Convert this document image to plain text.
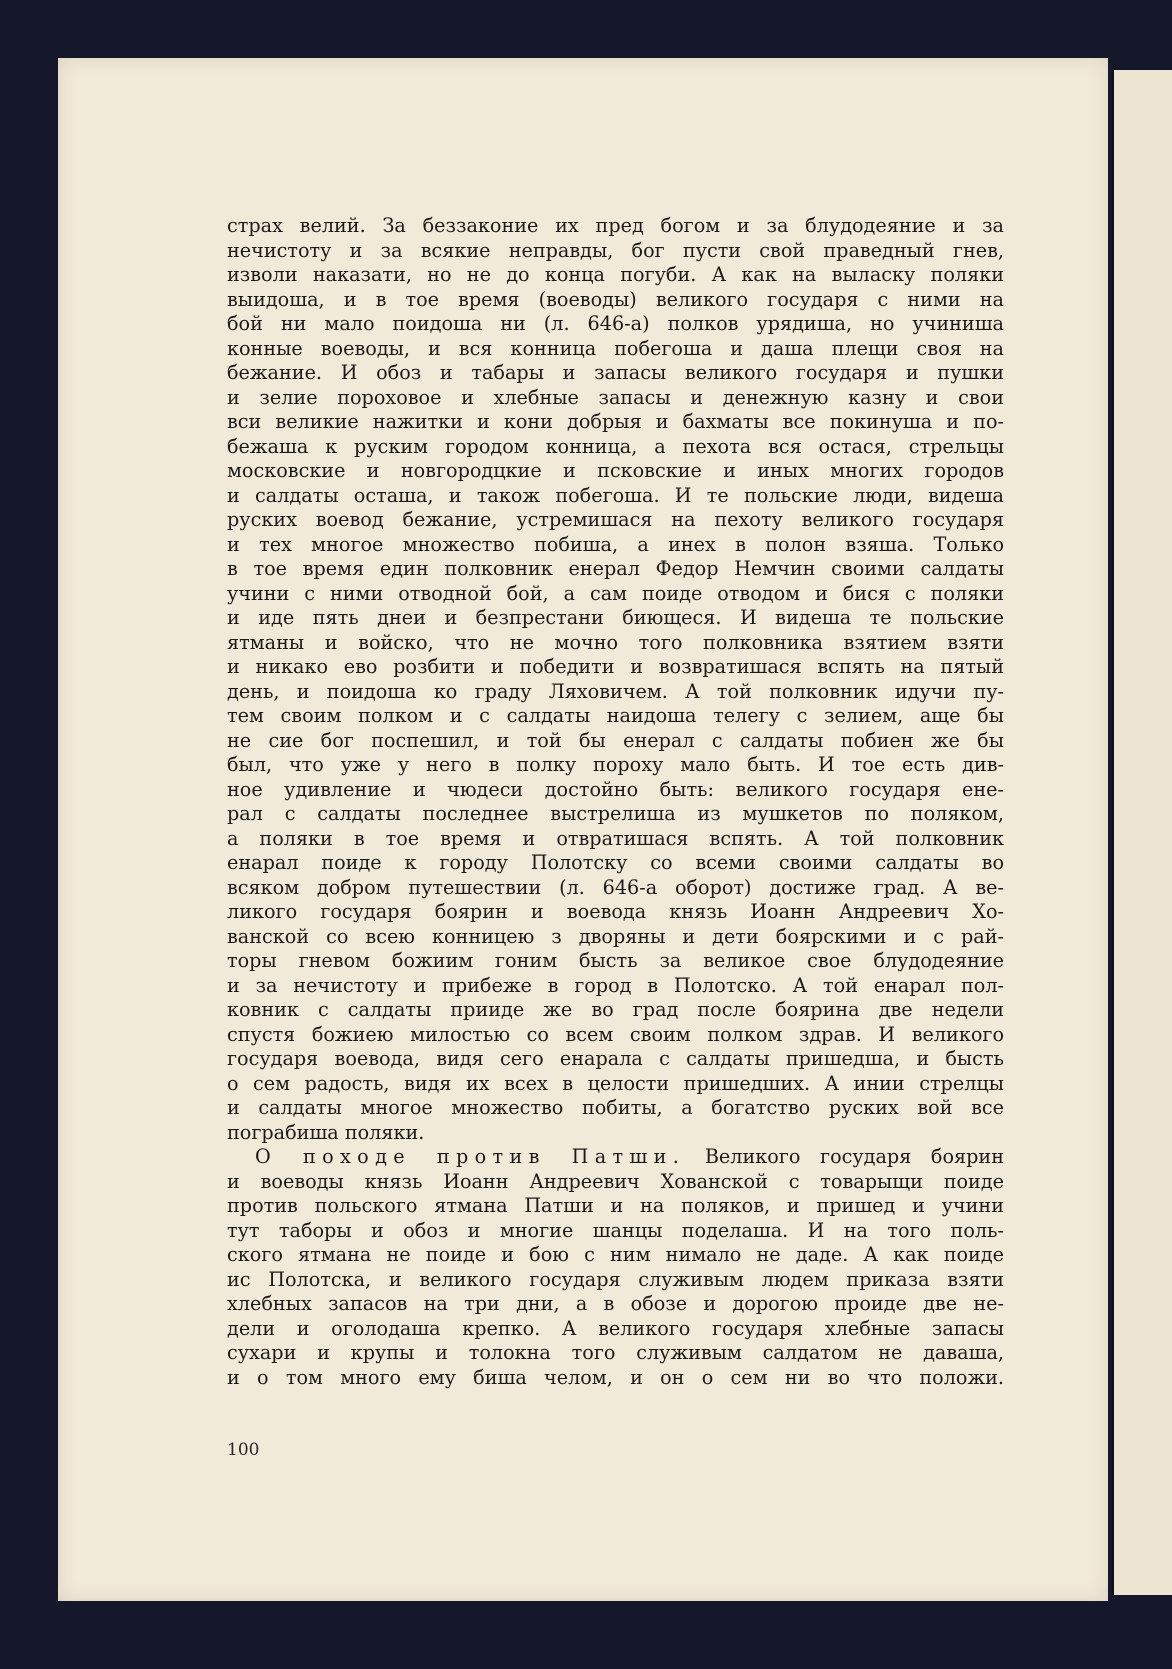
страх велий. За беззаконие их пред богом и за блудодеяние и за
нечистоту и за всякие неправды, бог пусти свой праведный гнев,
изволи наказати, но не до конца погуби. А как на выласку поляки
выидоша, и в тое время (воеводы) великого государя с ними на
бой ни мало поидоша ни (л. 646-а) полков урядиша, но учиниша
конные воеводы, и вся конница побегоша и даша плещи своя на
бежание. И обоз и табары и запасы великого государя и пушки
и зелие пороховое и хлебные запасы и денежную казну и свои
вси великие нажитки и кони добрыя и бахматы все покинуша и по-
бежаша к руским городом конница, а пехота вся остася, стрельцы
московские и новгородцкие и псковские и иных многих городов
и салдаты осташа, и також побегоша. И те польские люди, видеша
руских воевод бежание, устремишася на пехоту великого государя
и тех многое множество побиша, а инех в полон взяша. Только
в тое время един полковник енерал Федор Немчин своими салдаты
учини с ними отводной бой, а сам поиде отводом и бися с поляки
и иде пять днеи и безпрестани биющеся. И видеша те польские
ятманы и войско, что не мочно того полковника взятием взяти
и никако ево розбити и победити и возвратишася вспять на пятый
день, и поидоша ко граду Ляховичем. А той полковник идучи пу-
тем своим полком и с салдаты наидоша телегу с зелием, аще бы
не сие бог поспешил, и той бы енерал с салдаты побиен же бы
был, что уже у него в полку пороху мало быть. И тое есть див-
ное удивление и чюдеси достойно быть: великого государя ене-
рал с салдаты последнее выстрелиша из мушкетов по поляком,
а поляки в тое время и отвратишася вспять. А той полковник
енарал поиде к городу Полотску со всеми своими салдаты во
всяком добром путешествии (л. 646-а оборот) достиже град. А ве-
ликого государя боярин и воевода князь Иоанн Андреевич Хо-
ванской со всею конницею з дворяны и дети боярскими и с рай-
торы гневом божиим гоним бысть за великое свое блудодеяние
и за нечистоту и прибеже в город в Полотско. А той енарал пол-
ковник с салдаты прииде же во град после боярина две недели
спустя божиею милостью со всем своим полком здрав. И великого
государя воевода, видя сего енарала с салдаты пришедша, и бысть
о сем радость, видя их всех в целости пришедших. А инии стрелцы
и салдаты многое множество побиты, а богатство руских вой все
пограбиша поляки.
О походе против Патши. Великого государя боярин
и воеводы князь Иоанн Андреевич Хованской с товарыщи поиде
против польского ятмана Патши и на поляков, и пришед и учини
тут таборы и обоз и многие шанцы поделаша. И на того поль-
ского ятмана не поиде и бою с ним нимало не даде. А как поиде
ис Полотска, и великого государя служивым людем приказа взяти
хлебных запасов на три дни, а в обозе и дорогою проиде две не-
дели и оголодаша крепко. А великого государя хлебные запасы
сухари и крупы и толокна того служивым салдатом не даваша,
и о том много ему биша челом, и он о сем ни во что положи.
100
